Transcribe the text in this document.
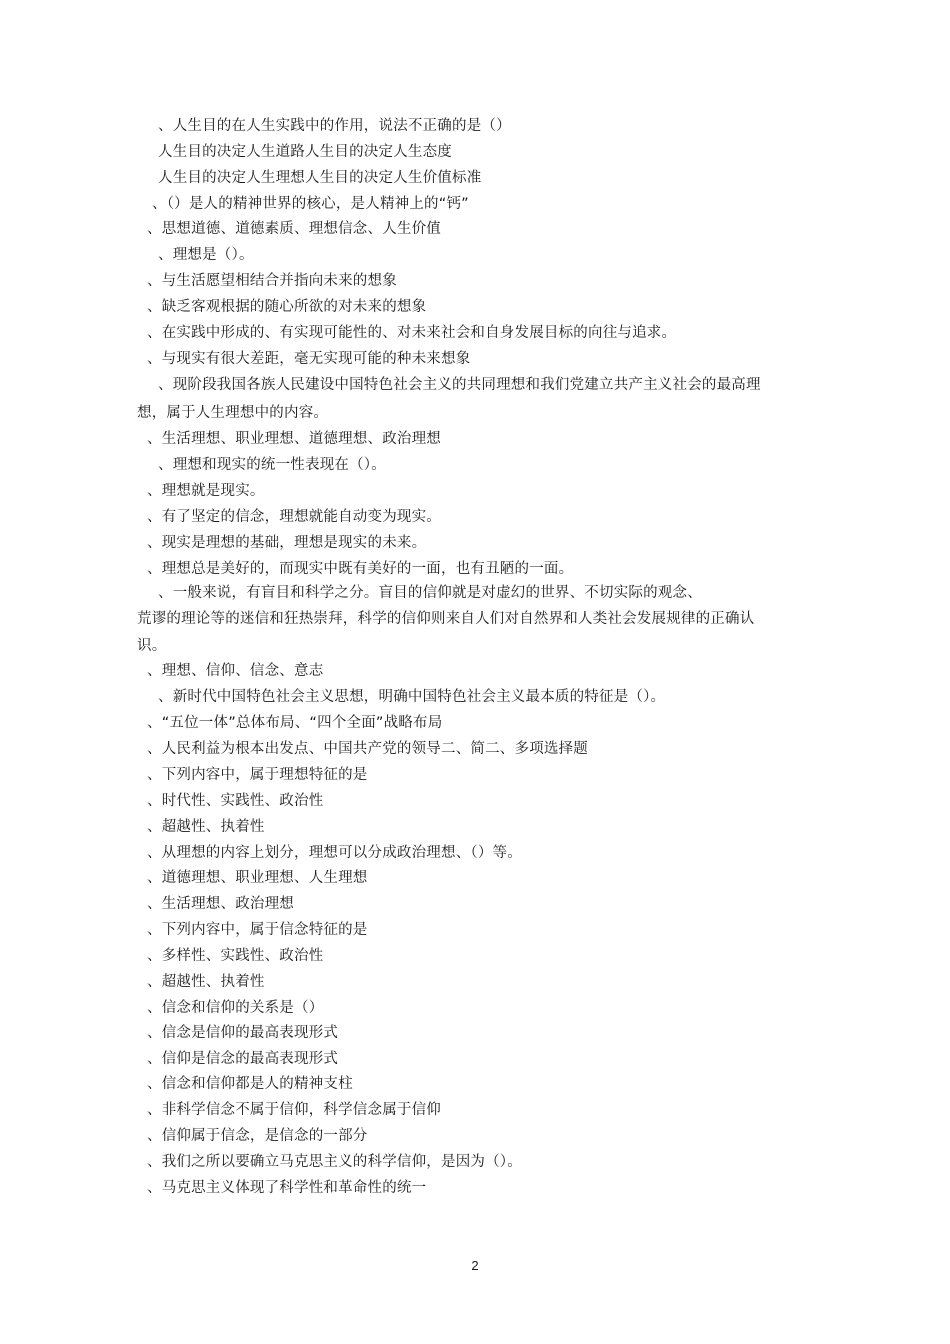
、人生目的在人生实践中的作用，说法不正确的是（）
人生目的决定人生道路人生目的决定人生态度
人生目的决定人生理想人生目的决定人生价值标准
、（）是人的精神世界的核心，是人精神上的“钙”
、思想道德、道德素质、理想信念、人生价值
、理想是（）。
、与生活愿望相结合并指向未来的想象
、缺乏客观根据的随心所欲的对未来的想象
、在实践中形成的、有实现可能性的、对未来社会和自身发展目标的向往与追求。
、与现实有很大差距，毫无实现可能的种未来想象
、现阶段我国各族人民建设中国特色社会主义的共同理想和我们党建立共产主义社会的最高理
想，属于人生理想中的内容。
、生活理想、职业理想、道德理想、政治理想
、理想和现实的统一性表现在（）。
、理想就是现实。
、有了坚定的信念，理想就能自动变为现实。
、现实是理想的基础，理想是现实的未来。
、理想总是美好的，而现实中既有美好的一面，也有丑陋的一面。
、一般来说，有盲目和科学之分。盲目的信仰就是对虚幻的世界、不切实际的观念、
荒谬的理论等的迷信和狂热崇拜，科学的信仰则来自人们对自然界和人类社会发展规律的正确认
识。
、理想、信仰、信念、意志
、新时代中国特色社会主义思想，明确中国特色社会主义最本质的特征是（）。
、“五位一体”总体布局、“四个全面”战略布局
、人民利益为根本出发点、中国共产党的领导二、简二、多项选择题
、下列内容中，属于理想特征的是
、时代性、实践性、政治性
、超越性、执着性
、从理想的内容上划分，理想可以分成政治理想、（）等。
、道德理想、职业理想、人生理想
、生活理想、政治理想
、下列内容中，属于信念特征的是
、多样性、实践性、政治性
、超越性、执着性
、信念和信仰的关系是（）
、信念是信仰的最高表现形式
、信仰是信念的最高表现形式
、信念和信仰都是人的精神支柱
、非科学信念不属于信仰，科学信念属于信仰
、信仰属于信念，是信念的一部分
、我们之所以要确立马克思主义的科学信仰，是因为（）。
、马克思主义体现了科学性和革命性的统一
2
